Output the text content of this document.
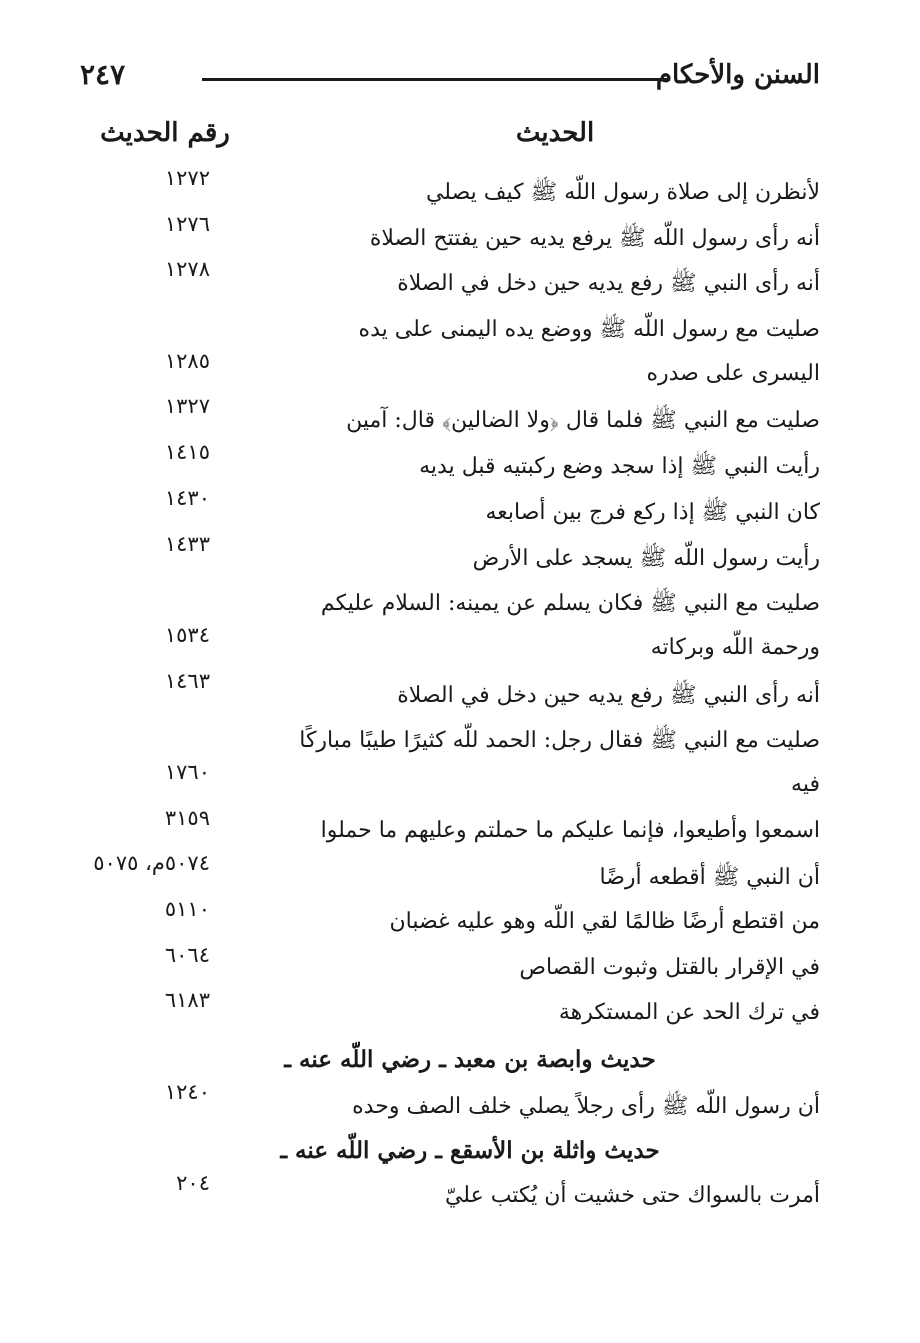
٢٤٧	السنن والأحكام
الحديث
رقم الحديث
لأنظرن إلى صلاة رسول اللّه ﷺ كيف يصلي
١٢٧٢
أنه رأى رسول اللّه ﷺ يرفع يديه حين يفتتح الصلاة
١٢٧٦
أنه رأى النبي ﷺ رفع يديه حين دخل في الصلاة
١٢٧٨
صليت مع رسول اللّه ﷺ ووضع يده اليمنى على يده
اليسرى على صدره
١٢٨٥
صليت مع النبي ﷺ فلما قال ﴿ولا الضالين﴾ قال: آمين
١٣٢٧
رأيت النبي ﷺ إذا سجد وضع ركبتيه قبل يديه
١٤١٥
كان النبي ﷺ إذا ركع فرج بين أصابعه
١٤٣٠
رأيت رسول اللّه ﷺ يسجد على الأرض
١٤٣٣
صليت مع النبي ﷺ فكان يسلم عن يمينه: السلام عليكم
ورحمة اللّه وبركاته
١٥٣٤
أنه رأى النبي ﷺ رفع يديه حين دخل في الصلاة
١٤٦٣
صليت مع النبي ﷺ فقال رجل: الحمد للّه كثيرًا طيبًا مباركًا
فيه
١٧٦٠
اسمعوا وأطيعوا، فإنما عليكم ما حملتم وعليهم ما حملوا
٣١٥٩
أن النبي ﷺ أقطعه أرضًا
٥٠٧٤م، ٥٠٧٥
من اقتطع أرضًا ظالمًا لقي اللّه وهو عليه غضبان
٥١١٠
في الإقرار بالقتل وثبوت القصاص
٦٠٦٤
في ترك الحد عن المستكرهة
٦١٨٣
حديث وابصة بن معبد ـ رضي اللّه عنه ـ
أن رسول اللّه ﷺ رأى رجلاً يصلي خلف الصف وحده
١٢٤٠
حديث واثلة بن الأسقع ـ رضي اللّه عنه ـ
أمرت بالسواك حتى خشيت أن يُكتب عليّ
٢٠٤
